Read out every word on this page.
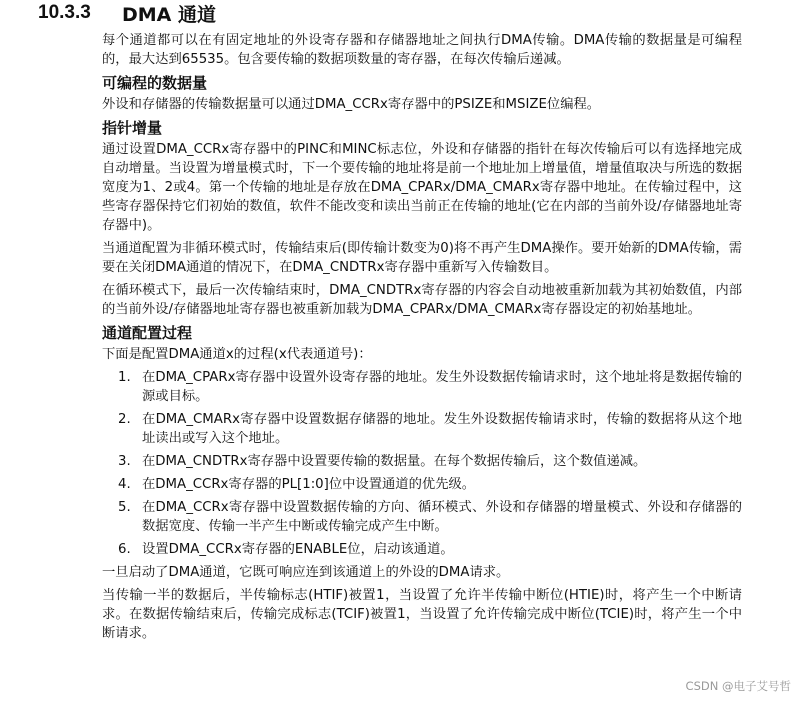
10.3.3	DMA 通道

每个通道都可以在有固定地址的外设寄存器和存储器地址之间执行DMA传输。DMA传输的数据量是可编程的，最大达到65535。包含要传输的数据项数量的寄存器，在每次传输后递减。

可编程的数据量

外设和存储器的传输数据量可以通过DMA_CCRx寄存器中的PSIZE和MSIZE位编程。

指针增量

通过设置DMA_CCRx寄存器中的PINC和MINC标志位，外设和存储器的指针在每次传输后可以有选择地完成自动增量。当设置为增量模式时，下一个要传输的地址将是前一个地址加上增量值，增量值取决与所选的数据宽度为1、2或4。第一个传输的地址是存放在DMA_CPARx/DMA_CMARx寄存器中地址。在传输过程中，这些寄存器保持它们初始的数值，软件不能改变和读出当前正在传输的地址(它在内部的当前外设/存储器地址寄存器中)。

当通道配置为非循环模式时，传输结束后(即传输计数变为0)将不再产生DMA操作。要开始新的DMA传输，需要在关闭DMA通道的情况下，在DMA_CNDTRx寄存器中重新写入传输数目。

在循环模式下，最后一次传输结束时，DMA_CNDTRx寄存器的内容会自动地被重新加载为其初始数值，内部的当前外设/存储器地址寄存器也被重新加载为DMA_CPARx/DMA_CMARx寄存器设定的初始基地址。

通道配置过程

下面是配置DMA通道x的过程(x代表通道号)：

1. 在DMA_CPARx寄存器中设置外设寄存器的地址。发生外设数据传输请求时，这个地址将是数据传输的源或目标。
2. 在DMA_CMARx寄存器中设置数据存储器的地址。发生外设数据传输请求时，传输的数据将从这个地址读出或写入这个地址。
3. 在DMA_CNDTRx寄存器中设置要传输的数据量。在每个数据传输后，这个数值递减。
4. 在DMA_CCRx寄存器的PL[1:0]位中设置通道的优先级。
5. 在DMA_CCRx寄存器中设置数据传输的方向、循环模式、外设和存储器的增量模式、外设和存储器的数据宽度、传输一半产生中断或传输完成产生中断。
6. 设置DMA_CCRx寄存器的ENABLE位，启动该通道。

一旦启动了DMA通道，它既可响应连到该通道上的外设的DMA请求。

当传输一半的数据后，半传输标志(HTIF)被置1，当设置了允许半传输中断位(HTIE)时，将产生一个中断请求。在数据传输结束后，传输完成标志(TCIF)被置1，当设置了允许传输完成中断位(TCIE)时，将产生一个中断请求。

CSDN @电子艾号哲
